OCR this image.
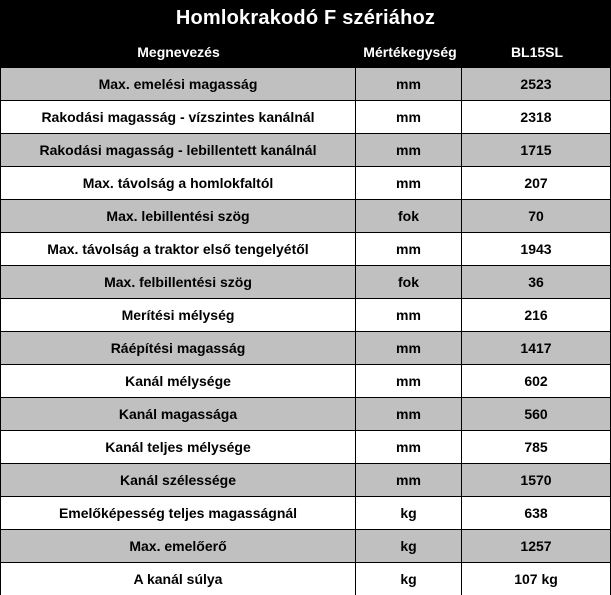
Homlokrakodó F szériához
Megnevezés	Mértékegység	BL15SL
Max. emelési magasság	mm	2523
Rakodási magasság - vízszintes kanálnál	mm	2318
Rakodási magasság - lebillentett kanálnál	mm	1715
Max. távolság a homlokfaltól	mm	207
Max. lebillentési szög	fok	70
Max. távolság a traktor első tengelyétől	mm	1943
Max. felbillentési szög	fok	36
Merítési mélység	mm	216
Ráépítési magasság	mm	1417
Kanál mélysége	mm	602
Kanál magassága	mm	560
Kanál teljes mélysége	mm	785
Kanál szélessége	mm	1570
Emelőképesség teljes magasságnál	kg	638
Max. emelőerő	kg	1257
A kanál súlya	kg	107 kg
